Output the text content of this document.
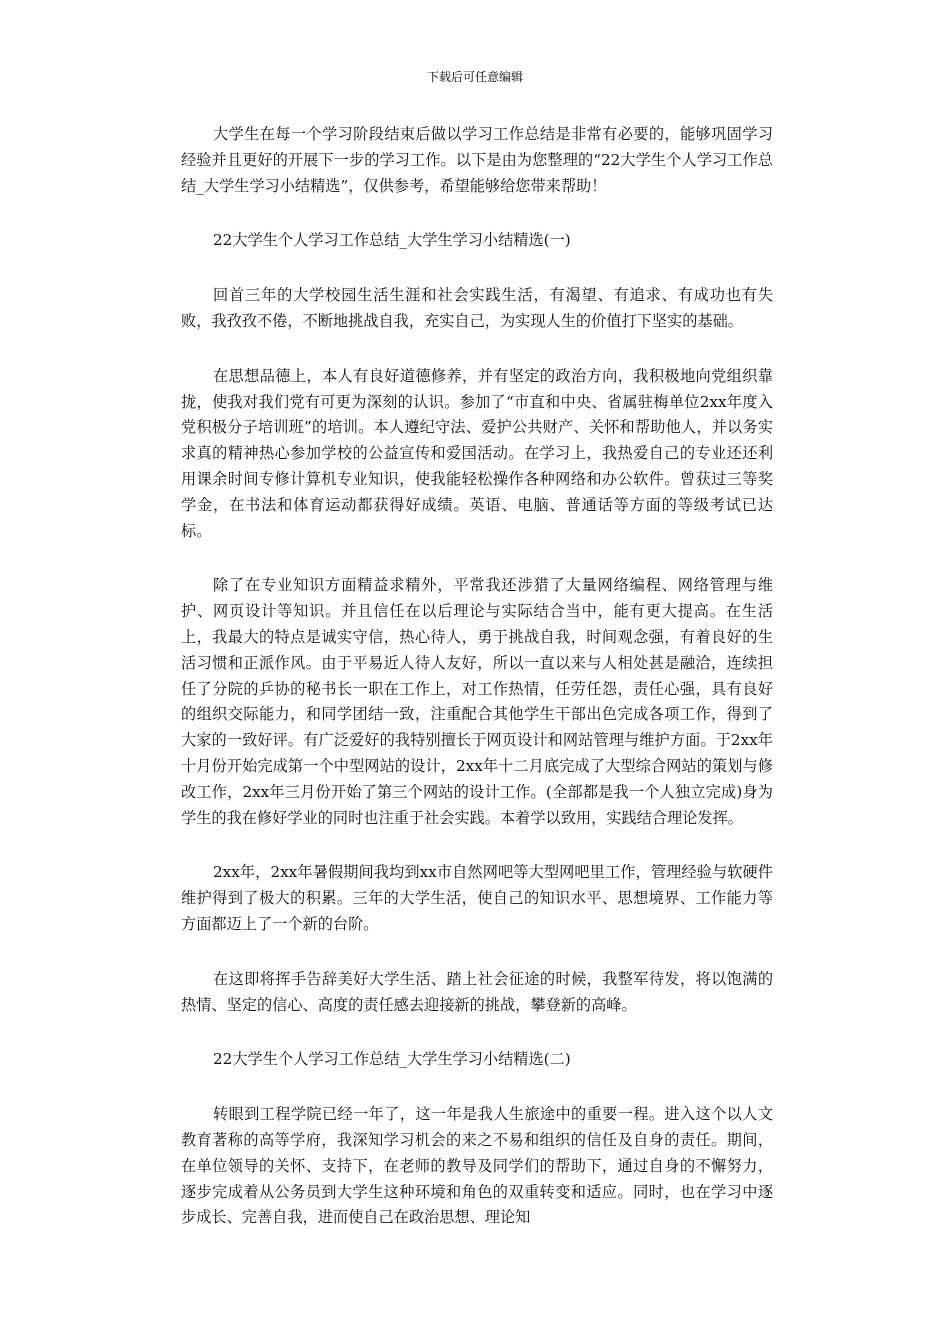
下载后可任意编辑

大学生在每一个学习阶段结束后做以学习工作总结是非常有必要的，能够巩固学习经验并且更好的开展下一步的学习工作。以下是由为您整理的“22大学生个人学习工作总结_大学生学习小结精选”，仅供参考，希望能够给您带来帮助！

22大学生个人学习工作总结_大学生学习小结精选(一)

回首三年的大学校园生活生涯和社会实践生活，有渴望、有追求、有成功也有失败，我孜孜不倦，不断地挑战自我，充实自己，为实现人生的价值打下坚实的基础。

在思想品德上，本人有良好道德修养，并有坚定的政治方向，我积极地向党组织靠拢，使我对我们党有可更为深刻的认识。参加了“市直和中央、省属驻梅单位2xx年度入党积极分子培训班”的培训。本人遵纪守法、爱护公共财产、关怀和帮助他人，并以务实求真的精神热心参加学校的公益宣传和爱国活动。在学习上，我热爱自己的专业还还利用课余时间专修计算机专业知识，使我能轻松操作各种网络和办公软件。曾获过三等奖学金，在书法和体育运动都获得好成绩。英语、电脑、普通话等方面的等级考试已达标。

除了在专业知识方面精益求精外，平常我还涉猎了大量网络编程、网络管理与维护、网页设计等知识。并且信任在以后理论与实际结合当中，能有更大提高。在生活上，我最大的特点是诚实守信，热心待人，勇于挑战自我，时间观念强，有着良好的生活习惯和正派作风。由于平易近人待人友好，所以一直以来与人相处甚是融洽，连续担任了分院的乒协的秘书长一职在工作上，对工作热情，任劳任怨，责任心强，具有良好的组织交际能力，和同学团结一致，注重配合其他学生干部出色完成各项工作，得到了大家的一致好评。有广泛爱好的我特别擅长于网页设计和网站管理与维护方面。于2xx年十月份开始完成第一个中型网站的设计，2xx年十二月底完成了大型综合网站的策划与修改工作，2xx年三月份开始了第三个网站的设计工作。(全部都是我一个人独立完成)身为学生的我在修好学业的同时也注重于社会实践。本着学以致用，实践结合理论发挥。

2xx年，2xx年暑假期间我均到xx市自然网吧等大型网吧里工作，管理经验与软硬件维护得到了极大的积累。三年的大学生活，使自己的知识水平、思想境界、工作能力等方面都迈上了一个新的台阶。

在这即将挥手告辞美好大学生活、踏上社会征途的时候，我整军待发，将以饱满的热情、坚定的信心、高度的责任感去迎接新的挑战，攀登新的高峰。

22大学生个人学习工作总结_大学生学习小结精选(二)

转眼到工程学院已经一年了，这一年是我人生旅途中的重要一程。进入这个以人文教育著称的高等学府，我深知学习机会的来之不易和组织的信任及自身的责任。期间，在单位领导的关怀、支持下，在老师的教导及同学们的帮助下，通过自身的不懈努力，逐步完成着从公务员到大学生这种环境和角色的双重转变和适应。同时，也在学习中逐步成长、完善自我，进而使自己在政治思想、理论知
